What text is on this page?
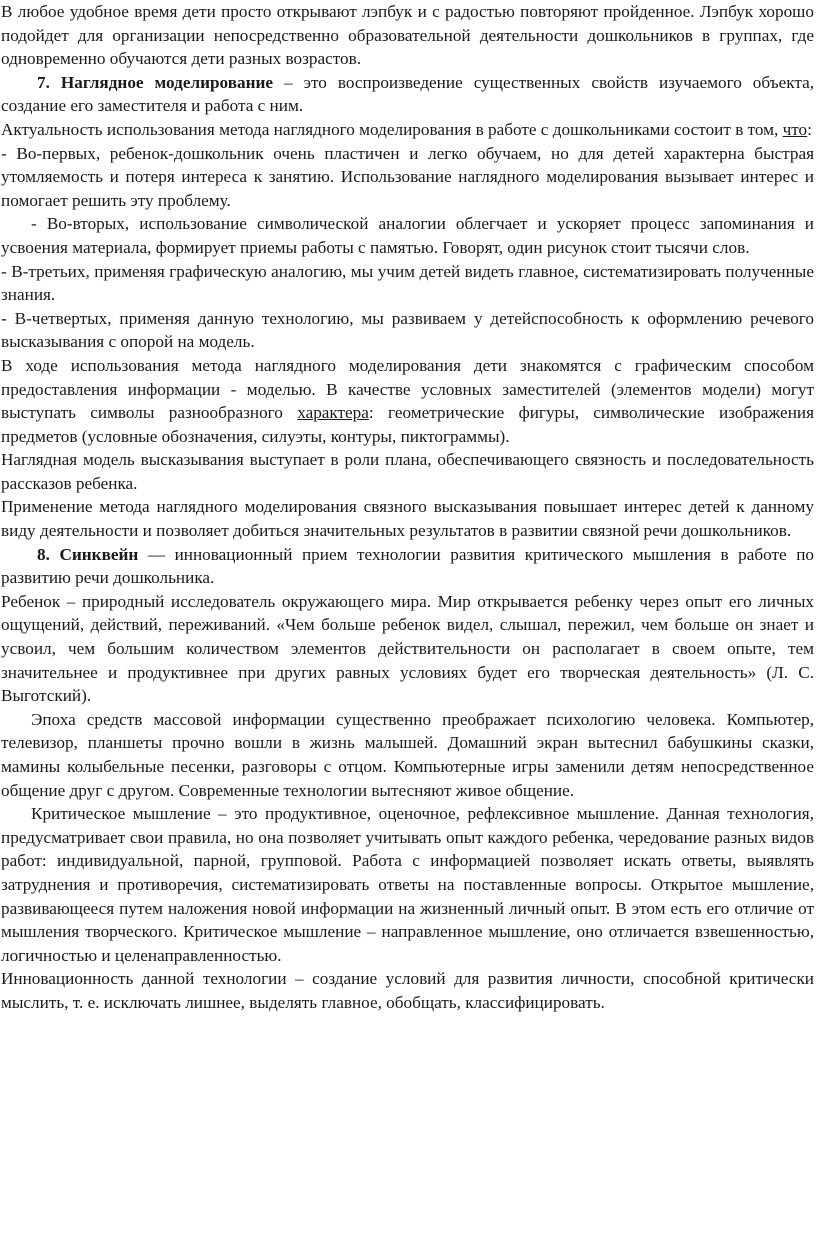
В любое удобное время дети просто открывают лэпбук и с радостью повторяют пройденное. Лэпбук хорошо подойдет для организации непосредственно образовательной деятельности дошкольников в группах, где одновременно обучаются дети разных возрастов.

7. Наглядное моделирование – это воспроизведение существенных свойств изучаемого объекта, создание его заместителя и работа с ним.

Актуальность использования метода наглядного моделирования в работе с дошкольниками состоит в том, что:

- Во-первых, ребенок-дошкольник очень пластичен и легко обучаем, но для детей характерна быстрая утомляемость и потеря интереса к занятию. Использование наглядного моделирования вызывает интерес и помогает решить эту проблему.

- Во-вторых, использование символической аналогии облегчает и ускоряет процесс запоминания и усвоения материала, формирует приемы работы с памятью. Говорят, один рисунок стоит тысячи слов.

- В-третьих, применяя графическую аналогию, мы учим детей видеть главное, систематизировать полученные знания.

- В-четвертых, применяя данную технологию, мы развиваем у детейспособность к оформлению речевого высказывания с опорой на модель.

В ходе использования метода наглядного моделирования дети знакомятся с графическим способом предоставления информации - моделью. В качестве условных заместителей (элементов модели) могут выступать символы разнообразного характера: геометрические фигуры, символические изображения предметов (условные обозначения, силуэты, контуры, пиктограммы).

Наглядная модель высказывания выступает в роли плана, обеспечивающего связность и последовательность рассказов ребенка.

Применение метода наглядного моделирования связного высказывания повышает интерес детей к данному виду деятельности и позволяет добиться значительных результатов в развитии связной речи дошкольников.

8. Синквейн — инновационный прием технологии развития критического мышления в работе по развитию речи дошкольника.

Ребенок – природный исследователь окружающего мира. Мир открывается ребенку через опыт его личных ощущений, действий, переживаний. «Чем больше ребенок видел, слышал, пережил, чем больше он знает и усвоил, чем большим количеством элементов действительности он располагает в своем опыте, тем значительнее и продуктивнее при других равных условиях будет его творческая деятельность» (Л. С. Выготский).

Эпоха средств массовой информации существенно преображает психологию человека. Компьютер, телевизор, планшеты прочно вошли в жизнь малышей. Домашний экран вытеснил бабушкины сказки, мамины колыбельные песенки, разговоры с отцом. Компьютерные игры заменили детям непосредственное общение друг с другом. Современные технологии вытесняют живое общение.

Критическое мышление – это продуктивное, оценочное, рефлексивное мышление. Данная технология, предусматривает свои правила, но она позволяет учитывать опыт каждого ребенка, чередование разных видов работ: индивидуальной, парной, групповой. Работа с информацией позволяет искать ответы, выявлять затруднения и противоречия, систематизировать ответы на поставленные вопросы. Открытое мышление, развивающееся путем наложения новой информации на жизненный личный опыт. В этом есть его отличие от мышления творческого. Критическое мышление – направленное мышление, оно отличается взвешенностью, логичностью и целенаправленностью.

Инновационность данной технологии – создание условий для развития личности, способной критически мыслить, т. е. исключать лишнее, выделять главное, обобщать, классифицировать.
